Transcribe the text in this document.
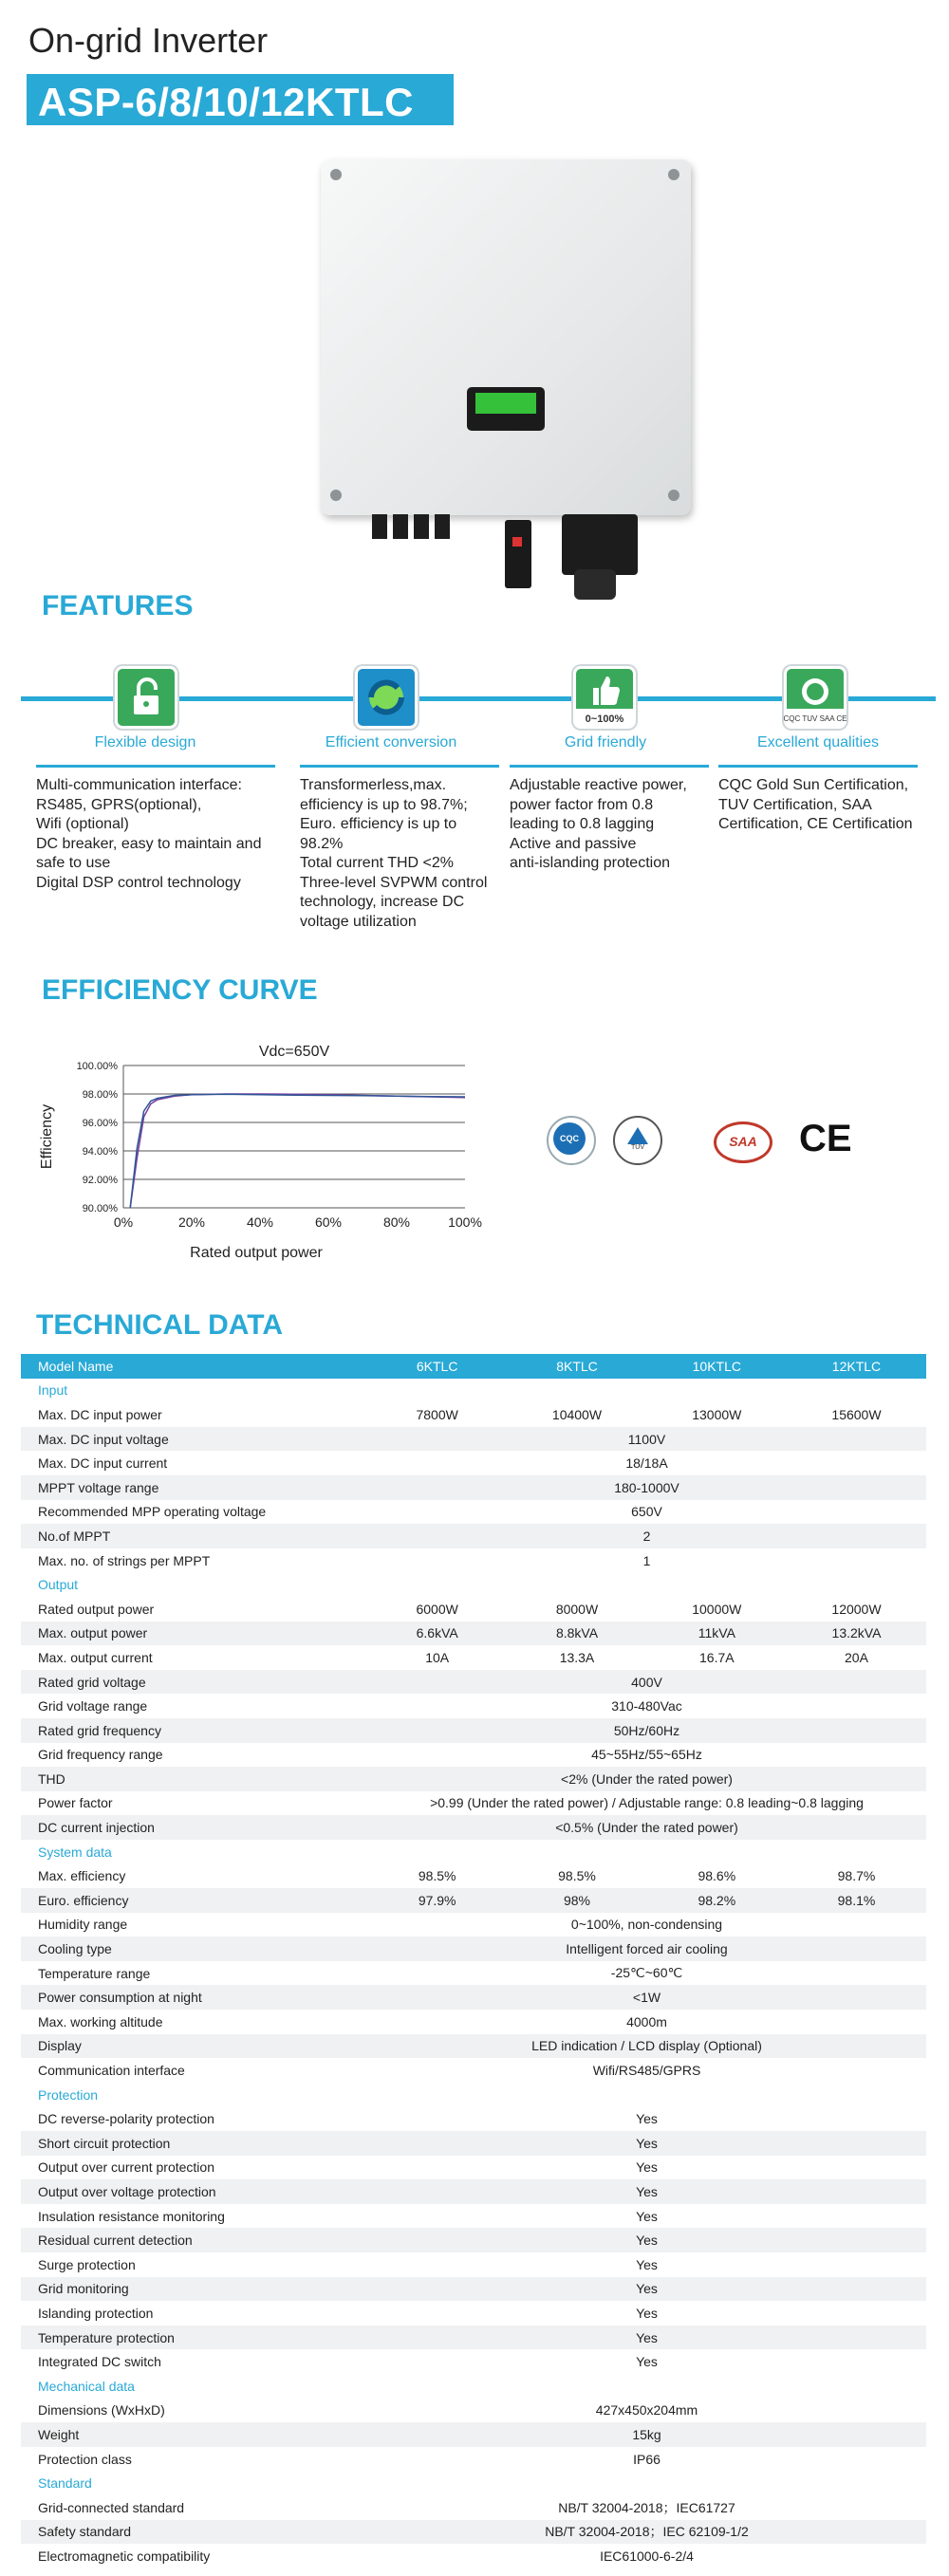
On-grid Inverter
ASP-6/8/10/12KTLC
FEATURES
0~100%	CQC TUV SAA CE
Flexible design	Efficient conversion	Grid friendly	Excellent qualities
Multi-communication interface:
RS485, GPRS(optional),
Wifi (optional)
DC breaker, easy to maintain and
safe to use
Digital DSP control technology
Transformerless,max.
efficiency is up to 98.7%;
Euro. efficiency is up to
98.2%
Total current THD <2%
Three-level SVPWM control
technology, increase DC
voltage utilization
Adjustable reactive power,
power factor from 0.8
leading to 0.8 lagging
Active and passive
anti-islanding protection
CQC Gold Sun Certification,
TUV Certification, SAA
Certification, CE Certification
EFFICIENCY CURVE
90.00%
92.00%
94.00%
96.00%
98.00%
100.00%
0%	20%	40%	60%	80%	100%
Vdc=650V
Rated output power
Efficiency	CQC
TUV	SAA	CE
TECHNICAL DATA
Model Name	6KTLC	8KTLC	10KTLC	12KTLC
Input
Max. DC input power	7800W	10400W	13000W	15600W
Max. DC input voltage	1100V
Max. DC input current	18/18A
MPPT voltage range	180-1000V
Recommended MPP operating voltage	650V
No.of MPPT	2
Max. no. of strings per MPPT	1
Output
Rated output power	6000W	8000W	10000W	12000W
Max. output power	6.6kVA	8.8kVA	11kVA	13.2kVA
Max. output current	10A	13.3A	16.7A	20A
Rated grid voltage	400V
Grid voltage range	310-480Vac
Rated grid frequency	50Hz/60Hz
Grid frequency range	45~55Hz/55~65Hz
THD	<2% (Under the rated power)
Power factor	>0.99 (Under the rated power) / Adjustable range: 0.8 leading~0.8 lagging
DC current injection	<0.5% (Under the rated power)
System data
Max. efficiency	98.5%	98.5%	98.6%	98.7%
Euro. efficiency	97.9%	98%	98.2%	98.1%
Humidity range	0~100%, non-condensing
Cooling type	Intelligent forced air cooling
Temperature range	-25℃~60℃
Power consumption at night	<1W
Max. working altitude	4000m
Display	LED indication / LCD display (Optional)
Communication interface	Wifi/RS485/GPRS
Protection
DC reverse-polarity protection	Yes
Short circuit protection	Yes
Output over current protection	Yes
Output over voltage protection	Yes
Insulation resistance monitoring	Yes
Residual current detection	Yes
Surge protection	Yes
Grid monitoring	Yes
Islanding protection	Yes
Temperature protection	Yes
Integrated DC switch	Yes
Mechanical data
Dimensions (WxHxD)	427x450x204mm
Weight	15kg
Protection class	IP66
Standard
Grid-connected standard	NB/T 32004-2018；IEC61727
Safety standard	NB/T 32004-2018；IEC 62109-1/2
Electromagnetic compatibility	IEC61000-6-2/4
